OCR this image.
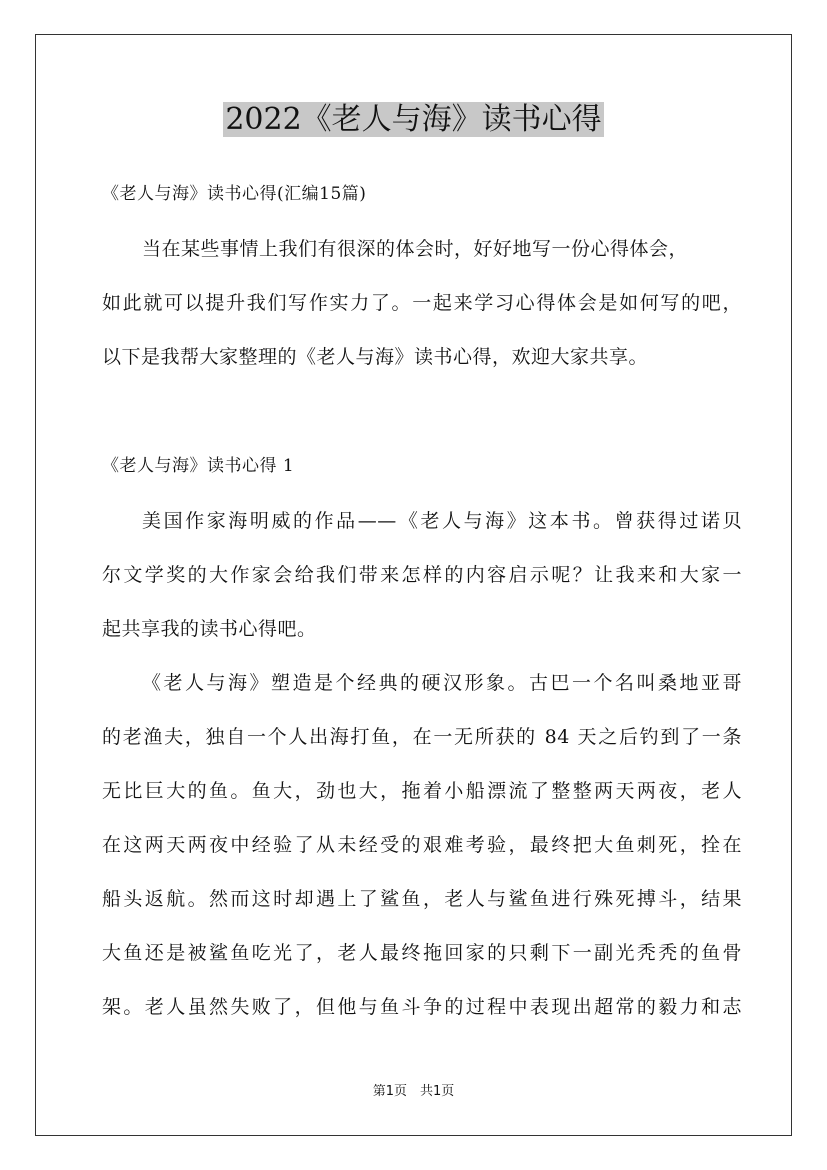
2022《老人与海》读书心得
《老人与海》读书心得(汇编15篇)
当在某些事情上我们有很深的体会时，好好地写一份心得体会，
如此就可以提升我们写作实力了。一起来学习心得体会是如何写的吧，
以下是我帮大家整理的《老人与海》读书心得，欢迎大家共享。
《老人与海》读书心得 1
美国作家海明威的作品——《老人与海》这本书。曾获得过诺贝
尔文学奖的大作家会给我们带来怎样的内容启示呢？让我来和大家一
起共享我的读书心得吧。
《老人与海》塑造是个经典的硬汉形象。古巴一个名叫桑地亚哥
的老渔夫，独自一个人出海打鱼，在一无所获的 84 天之后钓到了一条
无比巨大的鱼。鱼大，劲也大，拖着小船漂流了整整两天两夜，老人
在这两天两夜中经验了从未经受的艰难考验，最终把大鱼刺死，拴在
船头返航。然而这时却遇上了鲨鱼，老人与鲨鱼进行殊死搏斗，结果
大鱼还是被鲨鱼吃光了，老人最终拖回家的只剩下一副光秃秃的鱼骨
架。老人虽然失败了，但他与鱼斗争的过程中表现出超常的毅力和志
第1页　共1页
